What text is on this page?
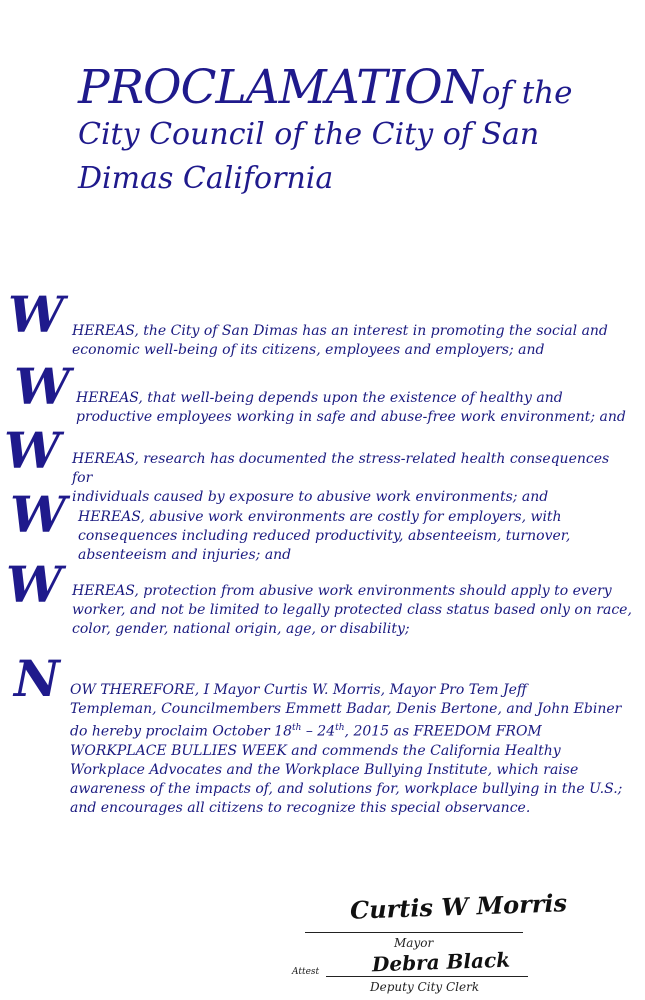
PROCLAMATIONof the
City Council of the City of San
Dimas California
W HEREAS, the City of San Dimas has an interest in promoting the social and
economic well-being of its citizens, employees and employers; and
W HEREAS, that well-being depends upon the existence of healthy and
productive employees working in safe and abuse-free work environment; and
W HEREAS, research has documented the stress-related health consequences for
individuals caused by exposure to abusive work environments; and
W HEREAS, abusive work environments are costly for employers, with
consequences including reduced productivity, absenteeism, turnover,
absenteeism and injuries; and
W HEREAS, protection from abusive work environments should apply to every
worker, and not be limited to legally protected class status based only on race,
color, gender, national origin, age, or disability;
N OW THEREFORE, I Mayor Curtis W. Morris, Mayor Pro Tem Jeff
Templeman, Councilmembers Emmett Badar, Denis Bertone, and John Ebiner
do hereby proclaim October 18th – 24th, 2015 as FREEDOM FROM
WORKPLACE BULLIES WEEK and commends the California Healthy
Workplace Advocates and the Workplace Bullying Institute, which raise
awareness of the impacts of, and solutions for, workplace bullying in the U.S.;
and encourages all citizens to recognize this special observance.
Curtis W Morris
Mayor
Attest	Debra Black
Deputy City Clerk
